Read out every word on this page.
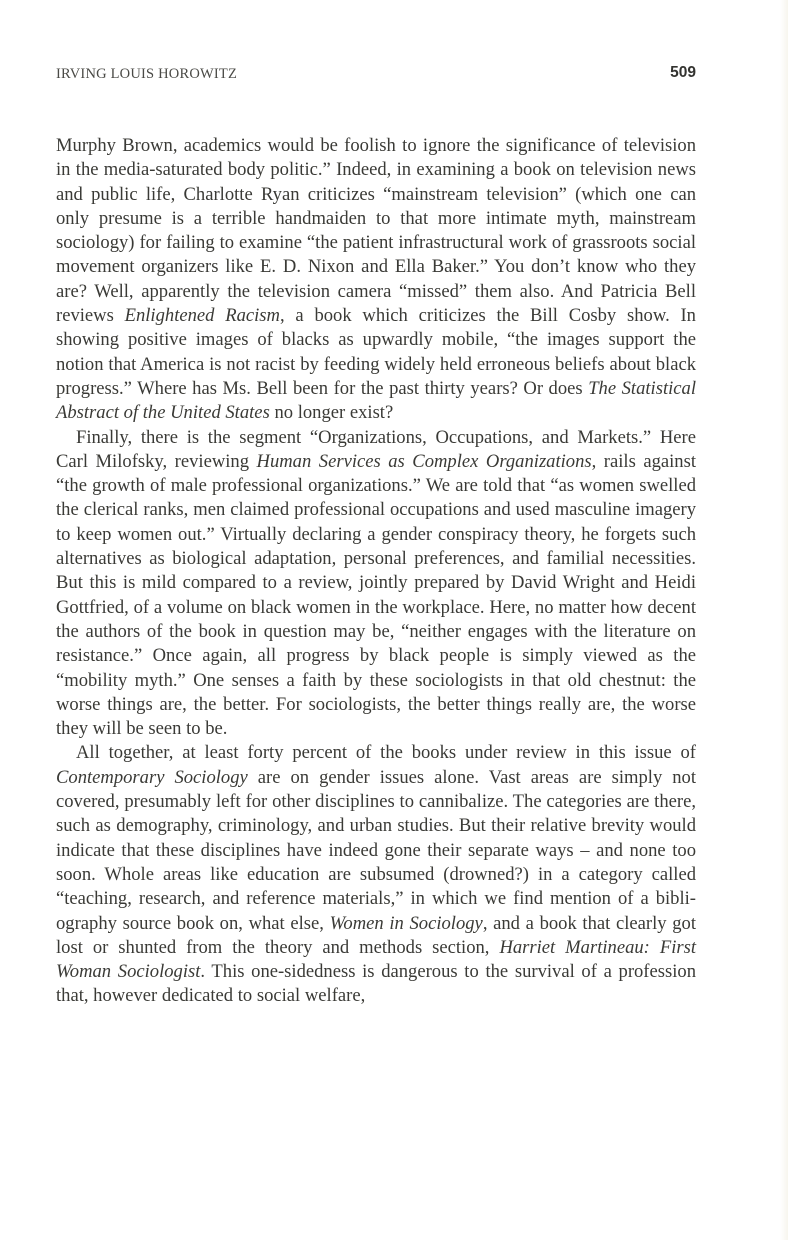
IRVING LOUIS HOROWITZ	509

Murphy Brown, academics would be foolish to ignore the significance of television in the media-saturated body politic.” Indeed, in examining a book on television news and public life, Charlotte Ryan criticizes “mainstream television” (which one can only presume is a terrible handmaiden to that more intimate myth, mainstream sociology) for failing to examine “the patient infrastructural work of grassroots social movement organizers like E. D. Nixon and Ella Baker.” You don’t know who they are? Well, apparently the television camera “missed” them also. And Patricia Bell reviews Enlightened Racism, a book which criticizes the Bill Cosby show. In showing positive images of blacks as upwardly mobile, “the images support the notion that America is not racist by feeding widely held erroneous beliefs about black progress.” Where has Ms. Bell been for the past thirty years? Or does The Statistical Abstract of the United States no longer exist?

Finally, there is the segment “Organizations, Occupations, and Markets.” Here Carl Milofsky, reviewing Human Services as Complex Organizations, rails against “the growth of male professional organizations.” We are told that “as women swelled the clerical ranks, men claimed professional occupations and used masculine imagery to keep women out.” Virtually declaring a gender conspiracy theory, he forgets such alternatives as biological adaptation, personal preferences, and familial necessities. But this is mild compared to a review, jointly prepared by David Wright and Heidi Gottfried, of a volume on black women in the workplace. Here, no matter how decent the authors of the book in question may be, “neither engages with the literature on resistance.” Once again, all progress by black people is simply viewed as the “mobility myth.” One senses a faith by these sociologists in that old chestnut: the worse things are, the better. For sociologists, the better things really are, the worse they will be seen to be.

All together, at least forty percent of the books under review in this issue of Contemporary Sociology are on gender issues alone. Vast areas are simply not covered, presumably left for other disciplines to cannibalize. The categories are there, such as demography, criminology, and urban studies. But their relative brevity would indicate that these disciplines have indeed gone their separate ways – and none too soon. Whole areas like education are subsumed (drowned?) in a category called “teaching, research, and reference materials,” in which we find mention of a bibliography source book on, what else, Women in Sociology, and a book that clearly got lost or shunted from the theory and methods section, Harriet Martineau: First Woman Sociologist. This one-sidedness is dangerous to the survival of a profession that, however dedicated to social welfare,
